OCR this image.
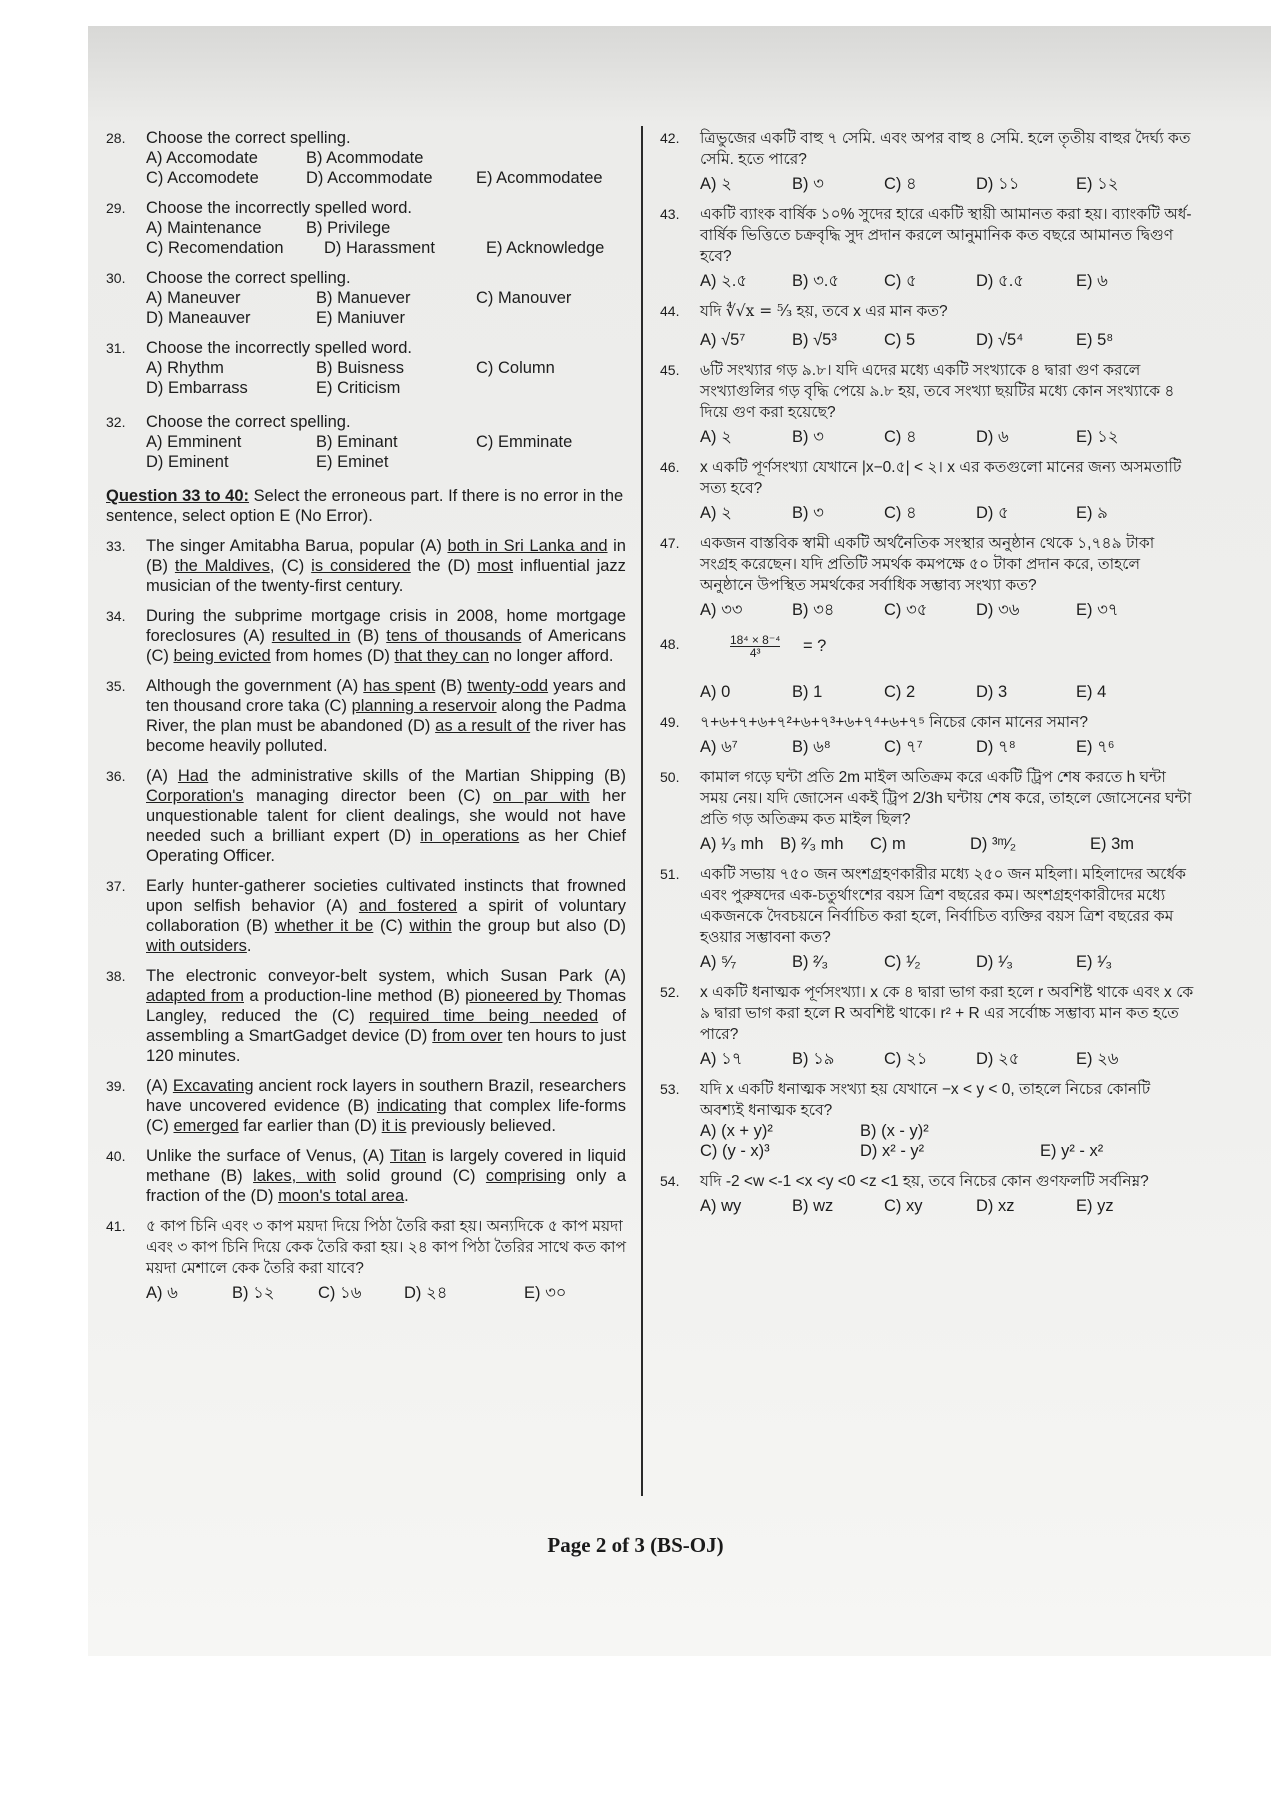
28.	Choose the correct spelling.
A) Accomodate	B) Acommodate
C) Accomodete	D) Accommodate	E) Acommodatee
29.	Choose the incorrectly spelled word.
A) Maintenance	B) Privilege
C) Recomendation	D) Harassment	E) Acknowledge
30.	Choose the correct spelling.
A) Maneuver	B) Manuever	C) Manouver
D) Maneauver	E) Maniuver
31.	Choose the incorrectly spelled word.
A) Rhythm	B) Buisness	C) Column
D) Embarrass	E) Criticism
32.	Choose the correct spelling.
A) Emminent	B) Eminant	C) Emminate
D) Eminent	E) Eminet
Question 33 to 40: Select the erroneous part. If there is no error in the sentence, select option E (No Error).
33.	The singer Amitabha Barua, popular (A) both in Sri Lanka and in (B) the Maldives, (C) is considered the (D) most influential jazz musician of the twenty-first century.
34.	During the subprime mortgage crisis in 2008, home mortgage foreclosures (A) resulted in (B) tens of thousands of Americans (C) being evicted from homes (D) that they can no longer afford.
35.	Although the government (A) has spent (B) twenty-odd years and ten thousand crore taka (C) planning a reservoir along the Padma River, the plan must be abandoned (D) as a result of the river has become heavily polluted.
36.	(A) Had the administrative skills of the Martian Shipping (B) Corporation's managing director been (C) on par with her unquestionable talent for client dealings, she would not have needed such a brilliant expert (D) in operations as her Chief Operating Officer.
37.	Early hunter-gatherer societies cultivated instincts that frowned upon selfish behavior (A) and fostered a spirit of voluntary collaboration (B) whether it be (C) within the group but also (D) with outsiders.
38.	The electronic conveyor-belt system, which Susan Park (A) adapted from a production-line method (B) pioneered by Thomas Langley, reduced the (C) required time being needed of assembling a SmartGadget device (D) from over ten hours to just 120 minutes.
39.	(A) Excavating ancient rock layers in southern Brazil, researchers have uncovered evidence (B) indicating that complex life-forms (C) emerged far earlier than (D) it is previously believed.
40.	Unlike the surface of Venus, (A) Titan is largely covered in liquid methane (B) lakes, with solid ground (C) comprising only a fraction of the (D) moon's total area.
41.	৫ কাপ চিনি এবং ৩ কাপ ময়দা দিয়ে পিঠা তৈরি করা হয়। অন্যদিকে ৫ কাপ ময়দা এবং ৩ কাপ চিনি দিয়ে কেক তৈরি করা হয়। ২৪ কাপ পিঠা তৈরির সাথে কত কাপ ময়দা মেশালে কেক তৈরি করা যাবে?
A) ৬	B) ১২	C) ১৬	D) ২৪	E) ৩০
42.	ত্রিভুজের একটি বাহু ৭ সেমি. এবং অপর বাহু ৪ সেমি. হলে তৃতীয় বাহুর দৈর্ঘ্য কত সেমি. হতে পারে?
A) ২	B) ৩	C) ৪	D) ১১	E) ১২
43.	একটি ব্যাংক বার্ষিক ১০% সুদের হারে একটি স্থায়ী আমানত করা হয়। ব্যাংকটি অর্ধ-বার্ষিক ভিত্তিতে চক্রবৃদ্ধি সুদ প্রদান করলে আনুমানিক কত বছরে আমানত দ্বিগুণ হবে?
A) ২.৫	B) ৩.৫	C) ৫	D) ৫.৫	E) ৬
44.	যদি ∜√x = ⁵⁄₃ হয়, তবে x এর মান কত?
A) √5⁷	B) √5³	C) 5	D) √5⁴	E) 5⁸
45.	৬টি সংখ্যার গড় ৯.৮। যদি এদের মধ্যে একটি সংখ্যাকে ৪ দ্বারা গুণ করলে সংখ্যাগুলির গড় বৃদ্ধি পেয়ে ৯.৮ হয়, তবে সংখ্যা ছয়টির মধ্যে কোন সংখ্যাকে ৪ দিয়ে গুণ করা হয়েছে?
A) ২	B) ৩	C) ৪	D) ৬	E) ১২
46.	x একটি পূর্ণসংখ্যা যেখানে |x−0.৫| < ২। x এর কতগুলো মানের জন্য অসমতাটি সত্য হবে?
A) ২	B) ৩	C) ৪	D) ৫	E) ৯
47.	একজন বাস্তবিক স্বামী একটি অর্থনৈতিক সংস্থার অনুষ্ঠান থেকে ১,৭৪৯ টাকা সংগ্রহ করেছেন। যদি প্রতিটি সমর্থক কমপক্ষে ৫০ টাকা প্রদান করে, তাহলে অনুষ্ঠানে উপস্থিত সমর্থকের সর্বাধিক সম্ভাব্য সংখ্যা কত?
A) ৩৩	B) ৩৪	C) ৩৫	D) ৩৬	E) ৩৭
48.	$\frac{\text{18⁴ × 8⁻⁴}}{\text{4³}}$ = ?
A) 0	B) 1	C) 2	D) 3	E) 4
49.	৭+৬+৭+৬+৭²+৬+৭³+৬+৭⁴+৬+৭⁵ নিচের কোন মানের সমান?
A) ৬⁷	B) ৬⁸	C) ৭⁷	D) ৭⁸	E) ৭⁶
50.	কামাল গড়ে ঘন্টা প্রতি 2m মাইল অতিক্রম করে একটি ট্রিপ শেষ করতে h ঘন্টা সময় নেয়। যদি জোসেন একই ট্রিপ 2/3h ঘন্টায় শেষ করে, তাহলে জোসেনের ঘন্টা প্রতি গড় অতিক্রম কত মাইল ছিল?
A) ¹⁄₃ mh B) ²⁄₃ mh	C) m	D) ³ᵐ⁄₂	E) 3m
51.	একটি সভায় ৭৫০ জন অংশগ্রহণকারীর মধ্যে ২৫০ জন মহিলা। মহিলাদের অর্ধেক এবং পুরুষদের এক-চতুর্থাংশের বয়স ত্রিশ বছরের কম। অংশগ্রহণকারীদের মধ্যে একজনকে দৈবচয়নে নির্বাচিত করা হলে, নির্বাচিত ব্যক্তির বয়স ত্রিশ বছরের কম হওয়ার সম্ভাবনা কত?
A) ⁵⁄₇	B) ²⁄₃	C) ¹⁄₂	D) ¹⁄₃	E) ¹⁄₃
52.	x একটি ধনাত্মক পূর্ণসংখ্যা। x কে ৪ দ্বারা ভাগ করা হলে r অবশিষ্ট থাকে এবং x কে ৯ দ্বারা ভাগ করা হলে R অবশিষ্ট থাকে। r² + R এর সর্বোচ্চ সম্ভাব্য মান কত হতে পারে?
A) ১৭	B) ১৯	C) ২১	D) ২৫	E) ২৬
53.	যদি x একটি ধনাত্মক সংখ্যা হয় যেখানে −x < y < 0, তাহলে নিচের কোনটি অবশ্যই ধনাত্মক হবে?
A) (x + y)²	B) (x - y)²
C) (y - x)³	D) x² - y²	E) y² - x²
54.	যদি -2 <w <-1 <x <y <0 <z <1 হয়, তবে নিচের কোন গুণফলটি সর্বনিম্ন?
A) wy	B) wz	C) xy	D) xz	E) yz
Page 2 of 3 (BS-OJ)
